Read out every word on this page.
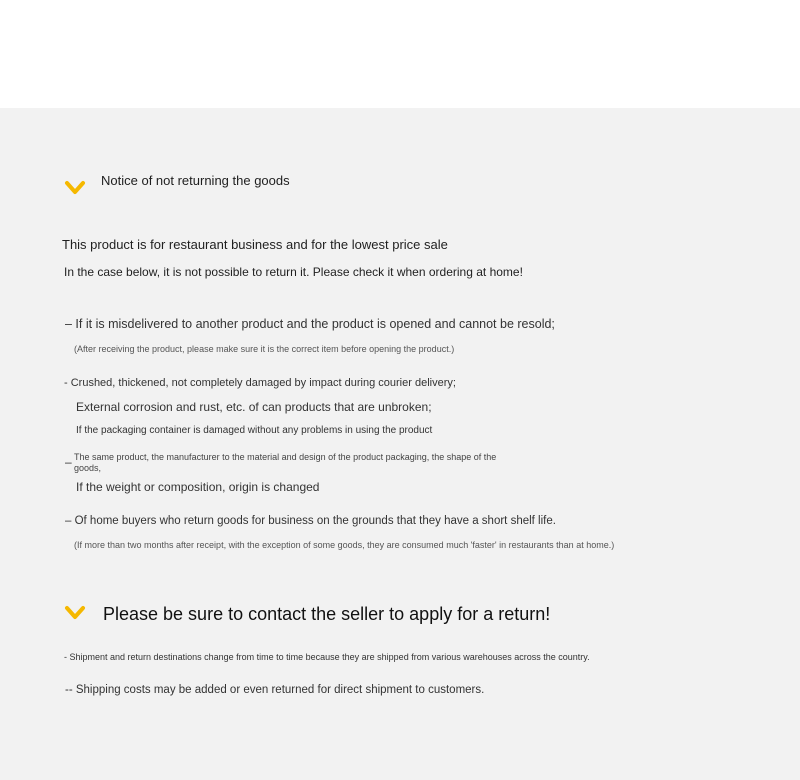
Notice of not returning the goods
This product is for restaurant business and for the lowest price sale
In the case below, it is not possible to return it. Please check it when ordering at home!
– If it is misdelivered to another product and the product is opened and cannot be resold;
(After receiving the product, please make sure it is the correct item before opening the product.)
- Crushed, thickened, not completely damaged by impact during courier delivery;
External corrosion and rust, etc. of can products that are unbroken;
If the packaging container is damaged without any problems in using the product
– The same product, the manufacturer to the material and design of the product packaging, the shape of the goods,
If the weight or composition, origin is changed
– Of home buyers who return goods for business on the grounds that they have a short shelf life.
(If more than two months after receipt, with the exception of some goods, they are consumed much 'faster' in restaurants than at home.)
Please be sure to contact the seller to apply for a return!
- Shipment and return destinations change from time to time because they are shipped from various warehouses across the country.
-- Shipping costs may be added or even returned for direct shipment to customers.
